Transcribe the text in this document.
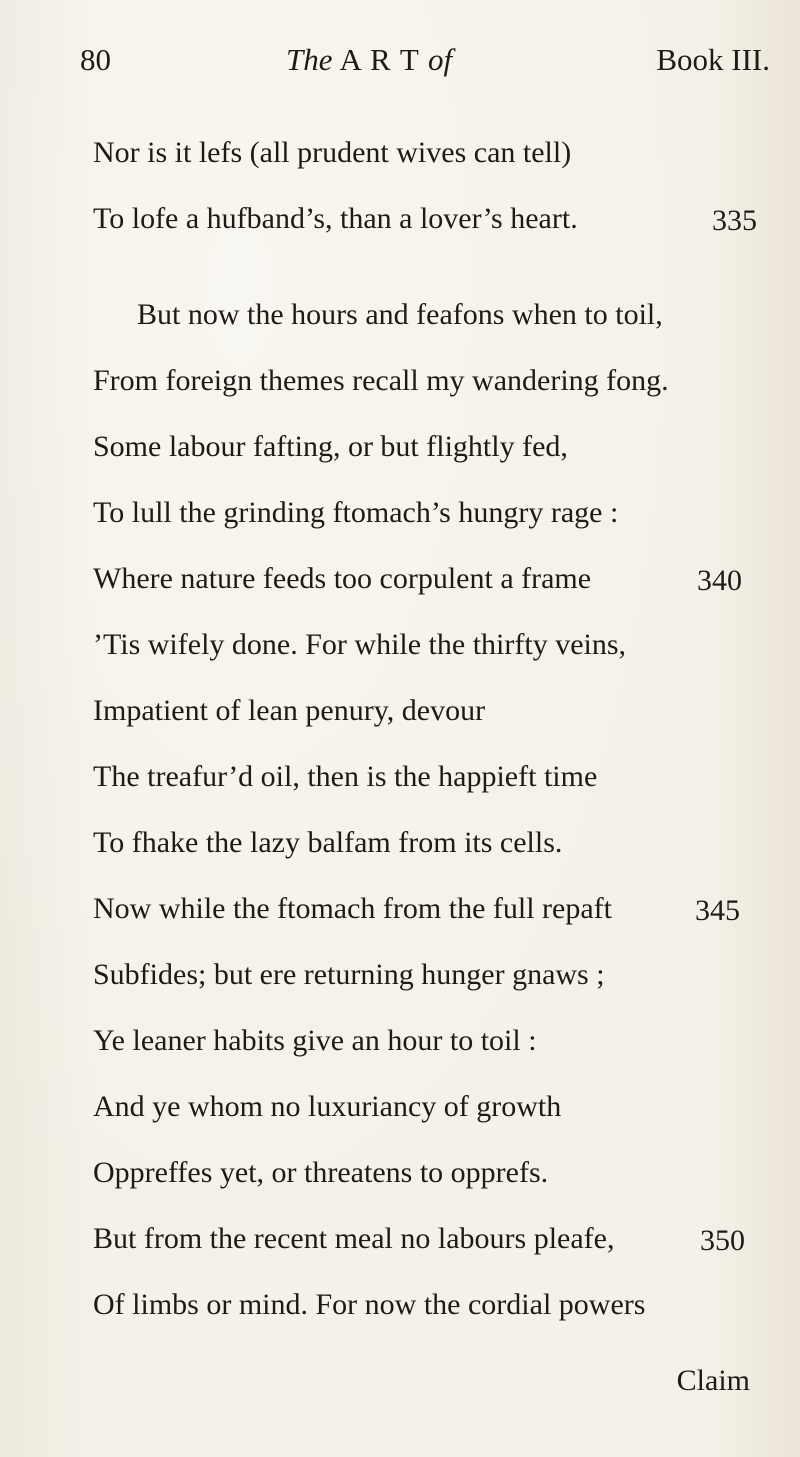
80	The A R T of	Book III.
Nor is it lefs (all prudent wives can tell)
To lofe a hufband’s, than a lover’s heart.	335
But now the hours and feafons when to toil,
From foreign themes recall my wandering fong.
Some labour fafting, or but flightly fed,
To lull the grinding ftomach’s hungry rage :
Where nature feeds too corpulent a frame	340
’Tis wifely done. For while the thirfty veins,
Impatient of lean penury, devour
The treafur’d oil, then is the happieft time
To fhake the lazy balfam from its cells.
Now while the ftomach from the full repaft	345
Subfides; but ere returning hunger gnaws ;
Ye leaner habits give an hour to toil :
And ye whom no luxuriancy of growth
Oppreffes yet, or threatens to opprefs.
But from the recent meal no labours pleafe,	350
Of limbs or mind. For now the cordial powers
Claim
